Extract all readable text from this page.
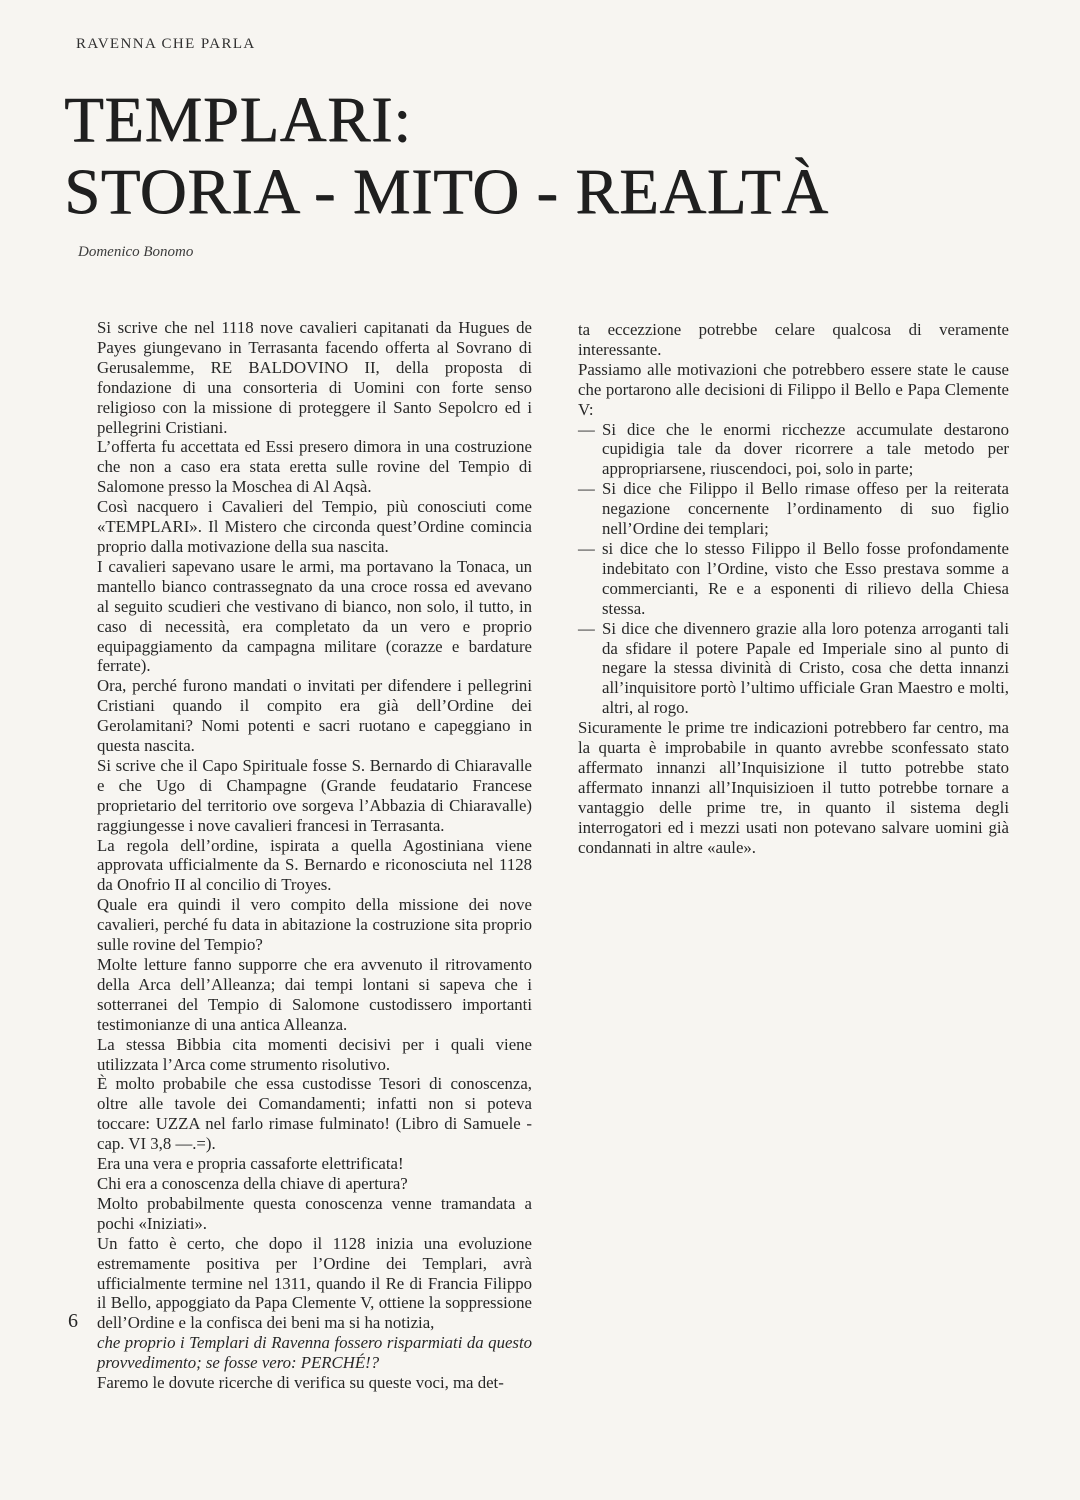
RAVENNA CHE PARLA
TEMPLARI:
STORIA - MITO - REALTÀ
Domenico Bonomo

Si scrive che nel 1118 nove cavalieri capitanati da Hugues de Payes giungevano in Terrasanta facendo offerta al Sovrano di Gerusalemme, RE BALDOVINO II, della proposta di fondazione di una consorteria di Uomini con forte senso religioso con la missione di proteggere il Santo Sepolcro ed i pellegrini Cristiani.

L’offerta fu accettata ed Essi presero dimora in una costruzione che non a caso era stata eretta sulle rovine del Tempio di Salomone presso la Moschea di Al Aqsà.

Così nacquero i Cavalieri del Tempio, più conosciuti come «TEMPLARI». Il Mistero che circonda quest’Ordine comincia proprio dalla motivazione della sua nascita.

I cavalieri sapevano usare le armi, ma portavano la Tonaca, un mantello bianco contrassegnato da una croce rossa ed avevano al seguito scudieri che vestivano di bianco, non solo, il tutto, in caso di necessità, era completato da un vero e proprio equipaggiamento da campagna militare (corazze e bardature ferrate).

Ora, perché furono mandati o invitati per difendere i pellegrini Cristiani quando il compito era già dell’Ordine dei Gerolamitani? Nomi potenti e sacri ruotano e capeggiano in questa nascita.

Si scrive che il Capo Spirituale fosse S. Bernardo di Chiaravalle e che Ugo di Champagne (Grande feudatario Francese proprietario del territorio ove sorgeva l’Abbazia di Chiaravalle) raggiungesse i nove cavalieri francesi in Terrasanta.

La regola dell’ordine, ispirata a quella Agostiniana viene approvata ufficialmente da S. Bernardo e riconosciuta nel 1128 da Onofrio II al concilio di Troyes.

Quale era quindi il vero compito della missione dei nove cavalieri, perché fu data in abitazione la costruzione sita proprio sulle rovine del Tempio?

Molte letture fanno supporre che era avvenuto il ritrovamento della Arca dell’Alleanza; dai tempi lontani si sapeva che i sotterranei del Tempio di Salomone custodissero importanti testimonianze di una antica Alleanza.

La stessa Bibbia cita momenti decisivi per i quali viene utilizzata l’Arca come strumento risolutivo.

È molto probabile che essa custodisse Tesori di conoscenza, oltre alle tavole dei Comandamenti; infatti non si poteva toccare: UZZA nel farlo rimase fulminato! (Libro di Samuele - cap. VI 3,8 —.=).

Era una vera e propria cassaforte elettrificata!

Chi era a conoscenza della chiave di apertura?

Molto probabilmente questa conoscenza venne tramandata a pochi «Iniziati».

Un fatto è certo, che dopo il 1128 inizia una evoluzione estremamente positiva per l’Ordine dei Templari, avrà ufficialmente termine nel 1311, quando il Re di Francia Filippo il Bello, appoggiato da Papa Clemente V, ottiene la soppressione dell’Ordine e la confisca dei beni ma si ha notizia,

che proprio i Templari di Ravenna fossero risparmiati da questo provvedimento; se fosse vero: PERCHÉ!?

Faremo le dovute ricerche di verifica su queste voci, ma det-

6

ta eccezzione potrebbe celare qualcosa di veramente interessante.

Passiamo alle motivazioni che potrebbero essere state le cause che portarono alle decisioni di Filippo il Bello e Papa Clemente V:

— Si dice che le enormi ricchezze accumulate destarono cupidigia tale da dover ricorrere a tale metodo per appropriarsene, riuscendoci, poi, solo in parte;
— Si dice che Filippo il Bello rimase offeso per la reiterata negazione concernente l’ordinamento di suo figlio nell’Ordine dei templari;
— si dice che lo stesso Filippo il Bello fosse profondamente indebitato con l’Ordine, visto che Esso prestava somme a commercianti, Re e a esponenti di rilievo della Chiesa stessa.
— Si dice che divennero grazie alla loro potenza arroganti tali da sfidare il potere Papale ed Imperiale sino al punto di negare la stessa divinità di Cristo, cosa che detta innanzi all’inquisitore portò l’ultimo ufficiale Gran Maestro e molti, altri, al rogo.

Sicuramente le prime tre indicazioni potrebbero far centro, ma la quarta è improbabile in quanto avrebbe sconfessato stato affermato innanzi all’Inquisizione il tutto potrebbe stato affermato innanzi all’Inquisizioen il tutto potrebbe tornare a vantaggio delle prime tre, in quanto il sistema degli interrogatori ed i mezzi usati non potevano salvare uomini già condannati in altre «aule».
